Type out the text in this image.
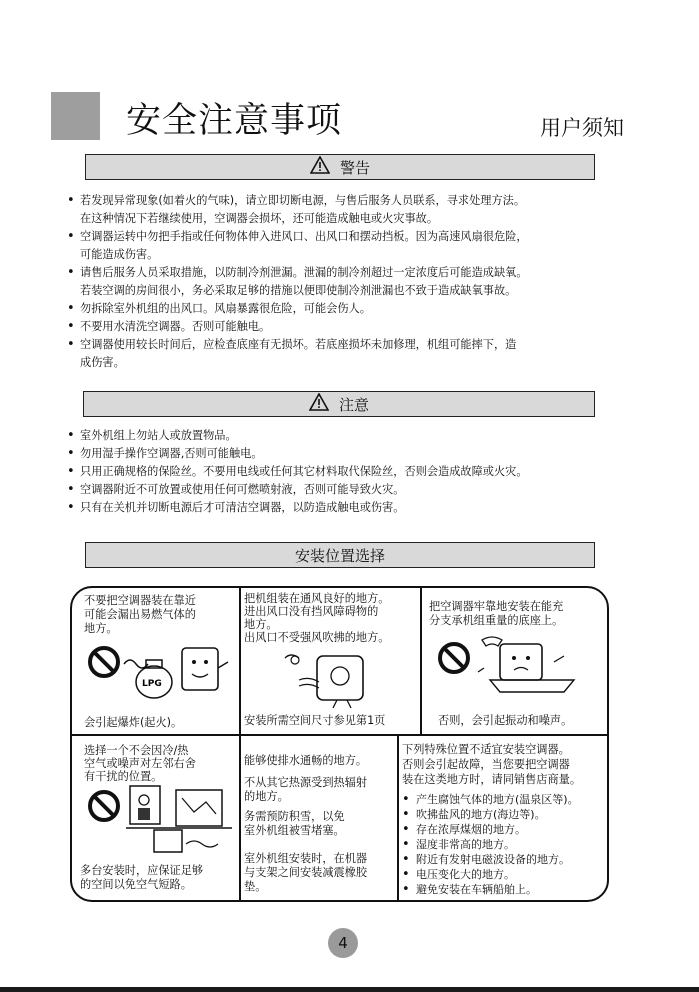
安全注意事项	用户须知
警告
• 若发现异常现象(如着火的气味)，请立即切断电源，与售后服务人员联系，寻求处理方法。
在这种情况下若继续使用，空调器会损坏，还可能造成触电或火灾事故。
• 空调器运转中勿把手指或任何物体伸入进风口、出风口和摆动挡板。因为高速风扇很危险，
可能造成伤害。
• 请售后服务人员采取措施，以防制冷剂泄漏。泄漏的制冷剂超过一定浓度后可能造成缺氧。
若装空调的房间很小，务必采取足够的措施以便即使制冷剂泄漏也不致于造成缺氧事故。
• 勿拆除室外机组的出风口。风扇暴露很危险，可能会伤人。
• 不要用水清洗空调器。否则可能触电。
• 空调器使用较长时间后，应检查底座有无损坏。若底座损坏未加修理，机组可能摔下，造
成伤害。
注意
• 室外机组上勿站人或放置物品。
• 勿用湿手操作空调器,否则可能触电。
• 只用正确规格的保险丝。不要用电线或任何其它材料取代保险丝，否则会造成故障或火灾。
• 空调器附近不可放置或使用任何可燃喷射液，否则可能导致火灾。
• 只有在关机并切断电源后才可清洁空调器，以防造成触电或伤害。
安装位置选择
不要把空调器装在靠近
可能会漏出易燃气体的
地方。
LPG
会引起爆炸(起火)。
把机组装在通风良好的地方。
进出风口没有挡风障碍物的
地方。
出风口不受强风吹拂的地方。
安装所需空间尺寸参见第1页
把空调器牢靠地安装在能充
分支承机组重量的底座上。
否则，会引起振动和噪声。
选择一个不会因冷/热
空气或噪声对左邻右舍
有干扰的位置。
多台安装时，应保证足够
的空间以免空气短路。
能够使排水通畅的地方。
不从其它热源受到热辐射
的地方。
务需预防积雪，以免
室外机组被雪堵塞。
室外机组安装时，在机器
与支架之间安装减震橡胶
垫。
下列特殊位置不适宜安装空调器。
否则会引起故障，当您要把空调器
装在这类地方时，请同销售店商量。
• 产生腐蚀气体的地方(温泉区等)。
• 吹拂盐风的地方(海边等)。
• 存在浓厚煤烟的地方。
• 湿度非常高的地方。
• 附近有发射电磁波设备的地方。
• 电压变化大的地方。
• 避免安装在车辆船舶上。
4
